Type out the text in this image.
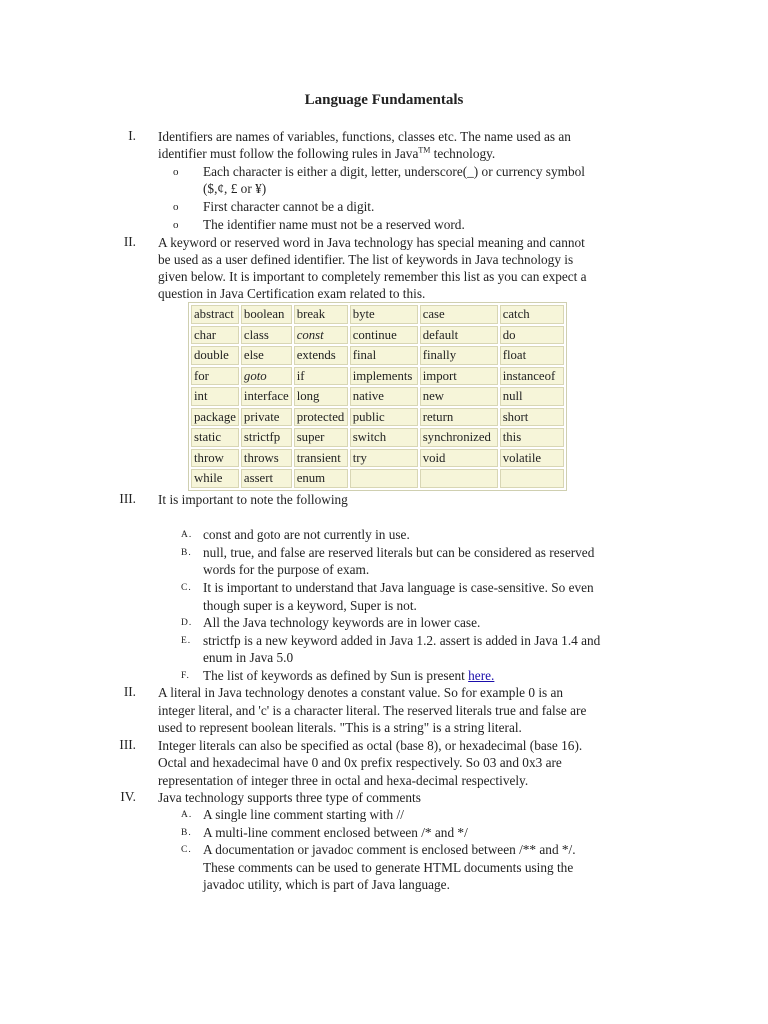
Language Fundamentals
I. Identifiers are names of variables, functions, classes etc. The name used as an
identifier must follow the following rules in Java™ technology.
o Each character is either a digit, letter, underscore(_) or currency symbol
($,¢, £ or ¥)
o First character cannot be a digit.
o The identifier name must not be a reserved word.
II. A keyword or reserved word in Java technology has special meaning and cannot
be used as a user defined identifier. The list of keywords in Java technology is
given below. It is important to completely remember this list as you can expect a
question in Java Certification exam related to this.
abstract	boolean	break	byte	case	catch
char	class	const	continue	default	do
double	else	extends	final	finally	float
for	goto	if	implements	import	instanceof
int	interface	long	native	new	null
package	private	protected	public	return	short
static	strictfp	super	switch	synchronized	this
throw	throws	transient	try	void	volatile
while	assert	enum			
III. It is important to note the following
A. const and goto are not currently in use.
B. null, true, and false are reserved literals but can be considered as reserved
words for the purpose of exam.
C. It is important to understand that Java language is case-sensitive. So even
though super is a keyword, Super is not.
D. All the Java technology keywords are in lower case.
E. strictfp is a new keyword added in Java 1.2. assert is added in Java 1.4 and
enum in Java 5.0
F. The list of keywords as defined by Sun is present here.
II. A literal in Java technology denotes a constant value. So for example 0 is an
integer literal, and 'c' is a character literal. The reserved literals true and false are
used to represent boolean literals. "This is a string" is a string literal.
III. Integer literals can also be specified as octal (base 8), or hexadecimal (base 16).
Octal and hexadecimal have 0 and 0x prefix respectively. So 03 and 0x3 are
representation of integer three in octal and hexa-decimal respectively.
IV. Java technology supports three type of comments
A. A single line comment starting with //
B. A multi-line comment enclosed between /* and */
C. A documentation or javadoc comment is enclosed between /** and */.
These comments can be used to generate HTML documents using the
javadoc utility, which is part of Java language.
